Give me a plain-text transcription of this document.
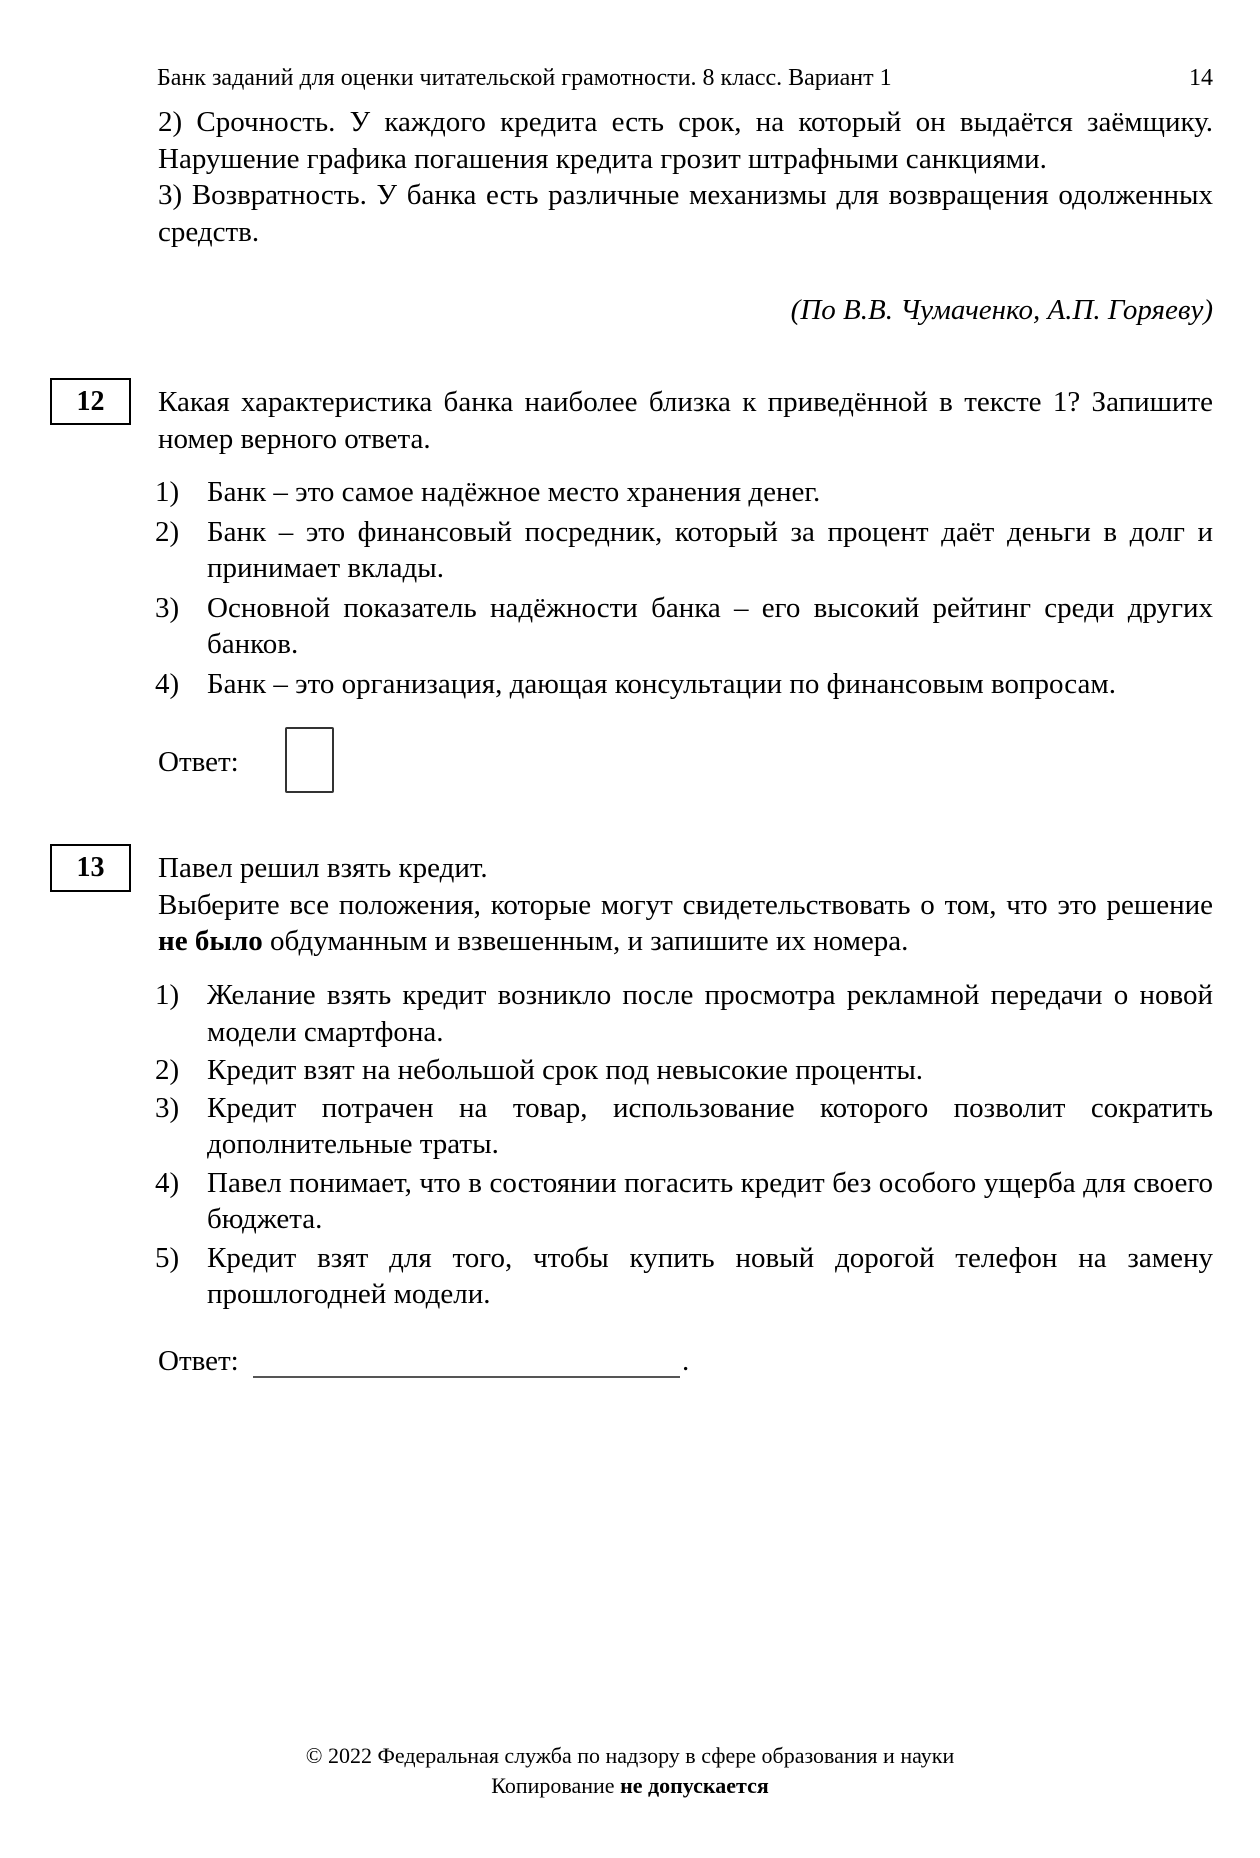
Банк заданий для оценки читательской грамотности. 8 класс. Вариант 1	14

2) Срочность. У каждого кредита есть срок, на который он выдаётся заёмщику. Нарушение графика погашения кредита грозит штрафными санкциями.

3) Возвратность. У банка есть различные механизмы для возвращения одолженных средств.

(По В.В. Чумаченко, А.П. Горяеву)
12 Какая характеристика банка наиболее близка к приведённой в тексте 1? Запишите номер верного ответа.

1) Банк – это самое надёжное место хранения денег.
2) Банк – это финансовый посредник, который за процент даёт деньги в долг и принимает вклады.
3) Основной показатель надёжности банка – его высокий рейтинг среди других банков.
4) Банк – это организация, дающая консультации по финансовым вопросам.
Ответ:
13 Павел решил взять кредит.

Выберите все положения, которые могут свидетельствовать о том, что это решение не было обдуманным и взвешенным, и запишите их номера.

1) Желание взять кредит возникло после просмотра рекламной передачи о новой модели смартфона.
2) Кредит взят на небольшой срок под невысокие проценты.
3) Кредит потрачен на товар, использование которого позволит сократить дополнительные траты.
4) Павел понимает, что в состоянии погасить кредит без особого ущерба для своего бюджета.
5) Кредит взят для того, чтобы купить новый дорогой телефон на замену прошлогодней модели.
Ответ:	.
© 2022 Федеральная служба по надзору в сфере образования и науки
Копирование не допускается
